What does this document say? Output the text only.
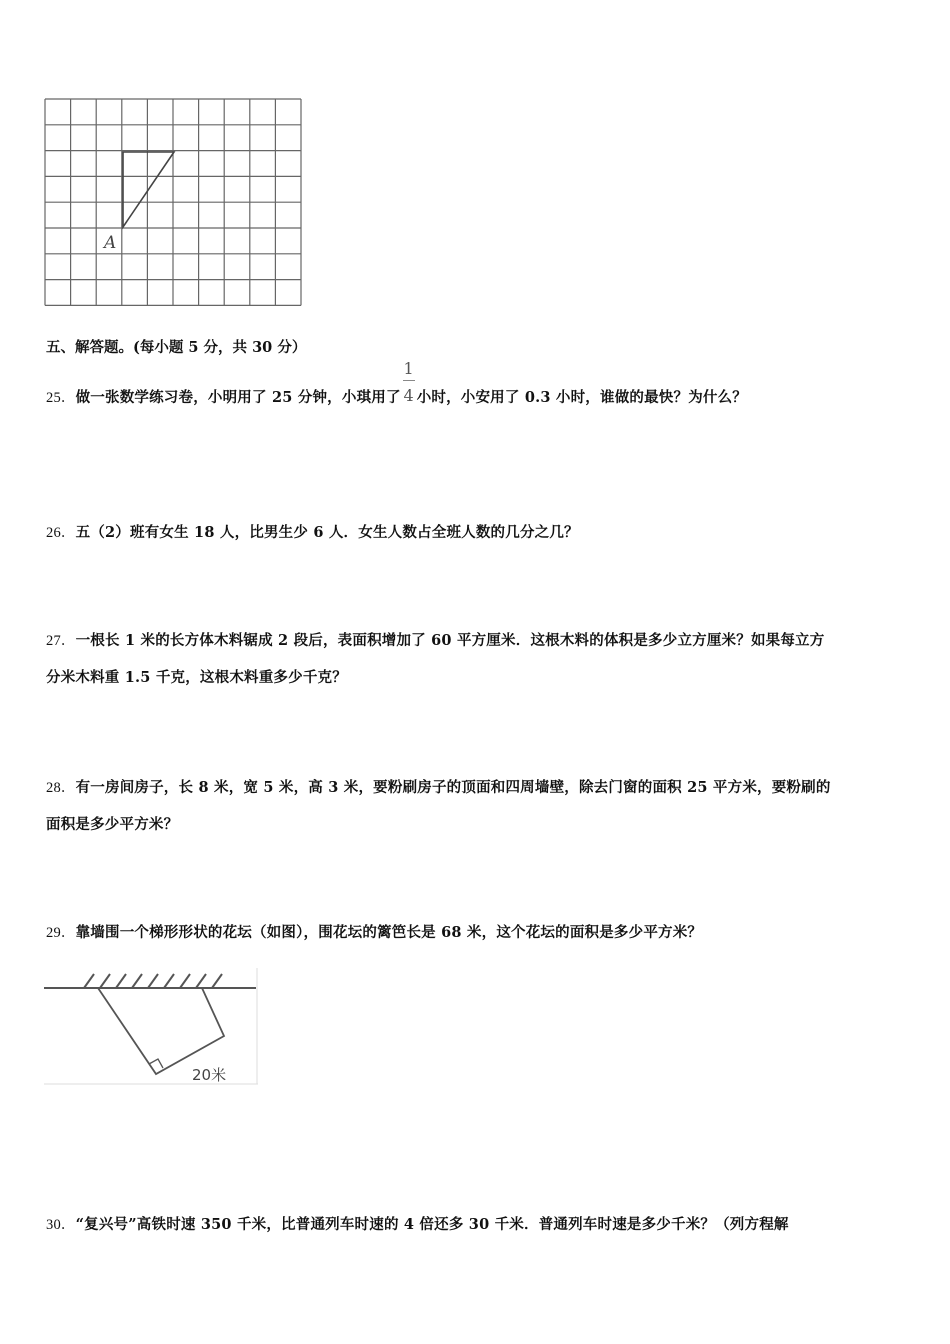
A
五、解答题。(每小题 5 分，共 30 分）
25．做一张数学练习卷，小明用了 25 分钟，小琪用了 $\frac{1}{4}$ 小时，小安用了 0.3 小时，谁做的最快？为什么？
26．五（2）班有女生 18 人，比男生少 6 人．女生人数占全班人数的几分之几？
27．一根长 1 米的长方体木料锯成 2 段后，表面积增加了 60 平方厘米．这根木料的体积是多少立方厘米？如果每立方
分米木料重 1.5 千克，这根木料重多少千克？
28．有一房间房子，长 8 米，宽 5 米，高 3 米，要粉刷房子的顶面和四周墙壁，除去门窗的面积 25 平方米，要粉刷的
面积是多少平方米？
29．靠墙围一个梯形形状的花坛（如图），围花坛的篱笆长是 68 米，这个花坛的面积是多少平方米？
20米
30．“复兴号”高铁时速 350 千米，比普通列车时速的 4 倍还多 30 千米．普通列车时速是多少千米？（列方程解
